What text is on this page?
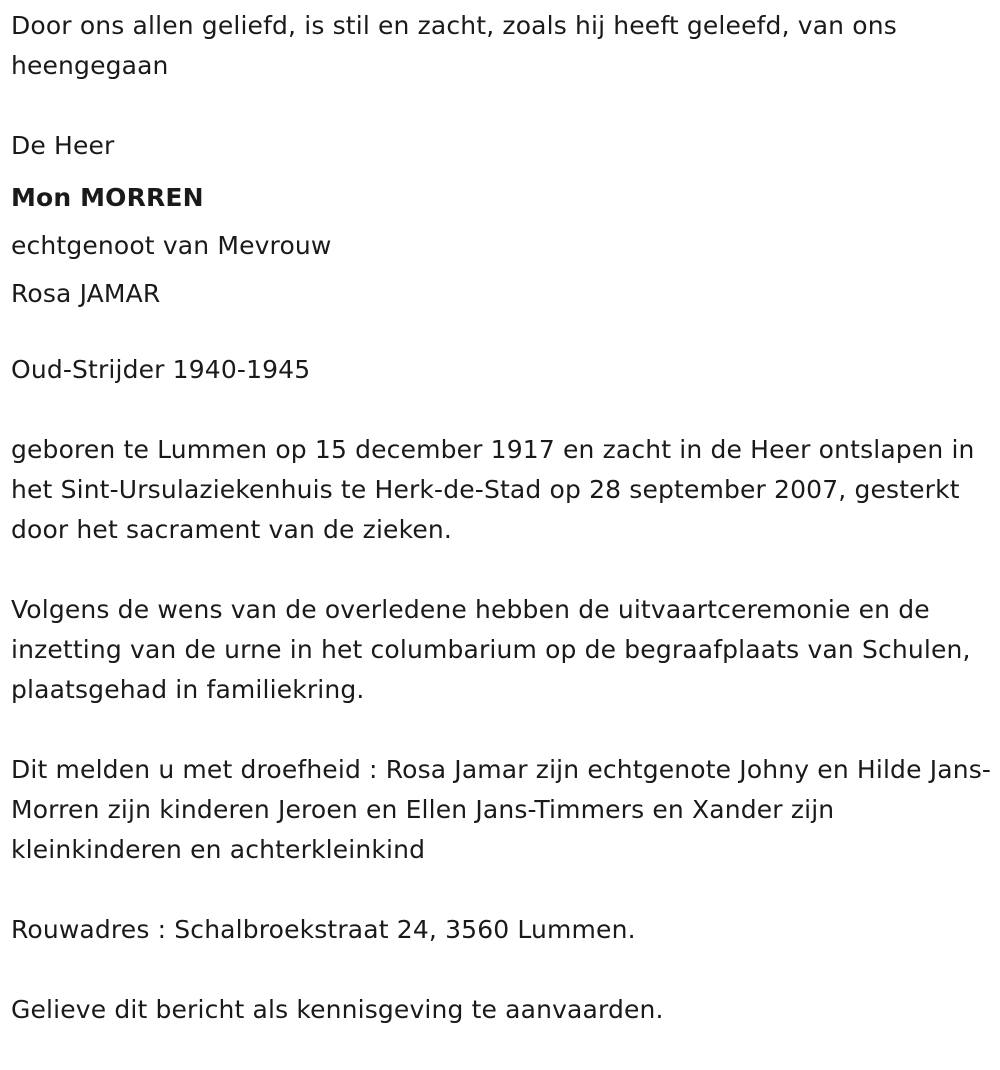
Door ons allen geliefd, is stil en zacht, zoals hij heeft geleefd, van ons heengegaan

De Heer
Mon MORREN
echtgenoot van Mevrouw
Rosa JAMAR

Oud-Strijder 1940-1945

geboren te Lummen op 15 december 1917 en zacht in de Heer ontslapen in het Sint-Ursulaziekenhuis te Herk-de-Stad op 28 september 2007, gesterkt door het sacrament van de zieken.

Volgens de wens van de overledene hebben de uitvaartceremonie en de inzetting van de urne in het columbarium op de begraafplaats van Schulen, plaatsgehad in familiekring.

Dit melden u met droefheid : Rosa Jamar zijn echtgenote Johny en Hilde Jans-Morren zijn kinderen Jeroen en Ellen Jans-Timmers en Xander zijn kleinkinderen en achterkleinkind

Rouwadres : Schalbroekstraat 24, 3560 Lummen.

Gelieve dit bericht als kennisgeving te aanvaarden.
